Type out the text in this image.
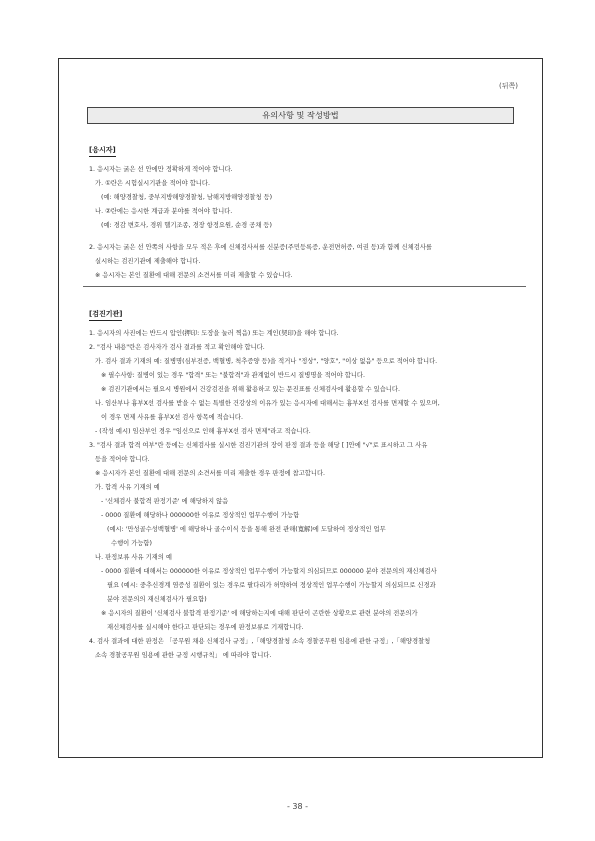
(뒤쪽)
유의사항 및 작성방법
[응시자]
1. 응시자는 굵은 선 안에만 정확하게 적어야 합니다.
가. ①란은 시험실시기관을 적어야 합니다.
(예: 해양경찰청, 중부지방해양경찰청, 남해지방해양경찰청 등)
나. ②란에는 응시한 계급과 분야를 적어야 합니다.
(예: 경감 변호사, 경위 헬기조종, 경장 항정요원, 순경 공채 등)
2. 응시자는 굵은 선 안쪽의 사항을 모두 적은 후에 신체검사서를 신분증(주민등록증, 운전면허증, 여권 등)과 함께 신체검사를
실시하는 검진기관에 제출해야 합니다.
※ 응시자는 본인 질환에 대해 전문의 소견서를 미리 제출할 수 있습니다.
[검진기관]
1. 응시자의 사진에는 반드시 압인(押印: 도장을 눌러 찍음) 또는 계인(契印)을 해야 합니다.
2. "검사 내용"란은 검사자가 검사 결과를 적고 확인해야 합니다.
가. 검사 결과 기재의 예: 질병명(심부전증, 백혈병, 척추증양 등)을 적거나 "정상", "양호", "이상 없음" 등으로 적어야 합니다.
※ 필수사항: 질병이 있는 경우 "합격" 또는 "불합격"과 관계없이 반드시 질병명을 적어야 합니다.
※ 검진기관에서는 필요시 병원에서 건강검진을 위해 활용하고 있는 문진표를 신체검사에 활용할 수 있습니다.
나. 임산부나 흉부X선 검사를 받을 수 없는 특별한 건강상의 이유가 있는 응시자에 대해서는 흉부X선 검사를 면제할 수 있으며,
이 경우 면제 사유를 흉부X선 검사 항목에 적습니다.
- (작성 예시) 임산부인 경우 "임신으로 인해 흉부X선 검사 면제"라고 적습니다.
3. "검사 결과 합격 여부"란 등에는 신체검사를 실시한 검진기관의 장이 판정 결과 등을 해당 [ ]안에 "√"로 표시하고 그 사유
등을 적어야 합니다.
※ 응시자가 본인 질환에 대해 전문의 소견서를 미리 제출한 경우 판정에 참고합니다.
가. 합격 사유 기재의 예
- '신체검사 불합격 판정기준' 에 해당하지 않음
- 0000 질환에 해당하나 000000한 이유로 정상적인 업무수행이 가능함
(예시: '만성골수성백혈병' 에 해당하나 골수이식 등을 통해 완전 관해(寬解)에 도달하여 정상적인 업무
수행이 가능함)
나. 판정보류 사유 기재의 예
- 0000 질환에 대해서는 000000한 이유로 정상적인 업무수행이 가능할지 의심되므로 000000 분야 전문의의 재신체검사
필요 (예시: 중추신경계 염증성 질환이 있는 경우로 팔다리가 허약하여 정상적인 업무수행이 가능할지 의심되므로 신경과
분야 전문의의 재신체검사가 필요함)
※ 응시자의 질환이 '신체검사 불합격 판정기준' 에 해당하는지에 대해 판단이 곤란한 상황으로 관련 분야의 전문의가
재신체검사를 실시해야 한다고 판단되는 경우에 판정보류로 기재합니다.
4. 검사 결과에 대한 판정은 「공무원 채용 신체검사 규정」,「해양경찰청 소속 경찰공무원 임용에 관한 규정」,「해양경찰청
소속 경찰공무원 임용에 관한 규정 시행규칙」 에 따라야 합니다.
- 38 -
